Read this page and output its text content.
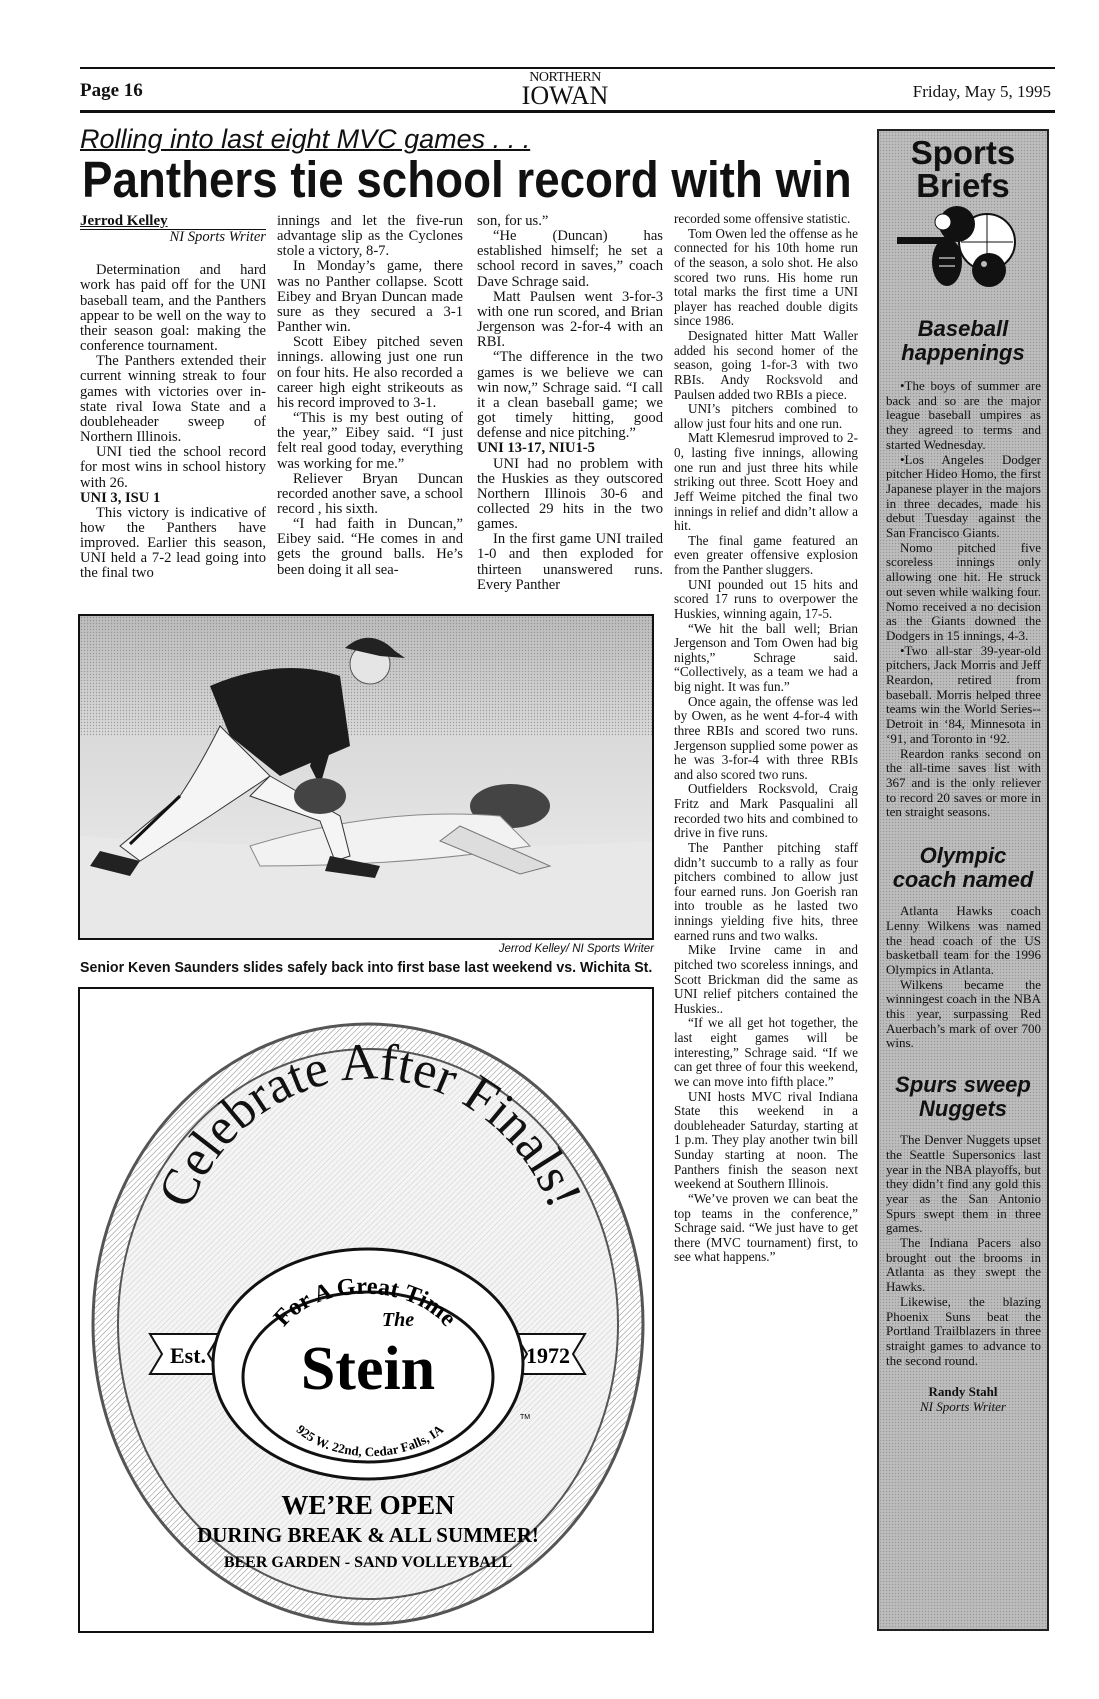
Page 16
NORTHERN
IOWAN	Friday, May 5, 1995
Rolling into last eight MVC games . . .
Panthers tie school record with win
Jerrod Kelley
NI Sports Writer

Determination and hard work has paid off for the UNI baseball team, and the Panthers appear to be well on the way to their season goal: making the conference tournament.

The Panthers extended their current winning streak to four games with victories over in-state rival Iowa State and a doubleheader sweep of Northern Illinois.

UNI tied the school record for most wins in school history with 26.

UNI 3, ISU 1

This victory is indicative of how the Panthers have improved. Earlier this season, UNI held a 7-2 lead going into the final two

innings and let the five-run advantage slip as the Cyclones stole a victory, 8-7.

In Monday’s game, there was no Panther collapse. Scott Eibey and Bryan Duncan made sure as they secured a 3-1 Panther win.

Scott Eibey pitched seven innings. allowing just one run on four hits. He also recorded a career high eight strikeouts as his record improved to 3-1.

“This is my best outing of the year,” Eibey said. “I just felt real good today, everything was working for me.”

Reliever Bryan Duncan recorded another save, a school record , his sixth.

“I had faith in Duncan,” Eibey said. “He comes in and gets the ground balls. He’s been doing it all sea-

son, for us.”

“He (Duncan) has established himself; he set a school record in saves,” coach Dave Schrage said.

Matt Paulsen went 3-for-3 with one run scored, and Brian Jergenson was 2-for-4 with an RBI.

“The difference in the two games is we believe we can win now,” Schrage said. “I call it a clean baseball game; we got timely hitting, good defense and nice pitching.”

UNI 13-17, NIU1-5

UNI had no problem with the Huskies as they outscored Northern Illinois 30-6 and collected 29 hits in the two games.

In the first game UNI trailed 1-0 and then exploded for thirteen unanswered runs. Every Panther

recorded some offensive statistic.

Tom Owen led the offense as he connected for his 10th home run of the season, a solo shot. He also scored two runs. His home run total marks the first time a UNI player has reached double digits since 1986.

Designated hitter Matt Waller added his second homer of the season, going 1-for-3 with two RBIs. Andy Rocksvold and Paulsen added two RBIs a piece.

UNI’s pitchers combined to allow just four hits and one run.

Matt Klemesrud improved to 2-0, lasting five innings, allowing one run and just three hits while striking out three. Scott Hoey and Jeff Weime pitched the final two innings in relief and didn’t allow a hit.

The final game featured an even greater offensive explosion from the Panther sluggers.

UNI pounded out 15 hits and scored 17 runs to overpower the Huskies, winning again, 17-5.

“We hit the ball well; Brian Jergenson and Tom Owen had big nights,” Schrage said. “Collectively, as a team we had a big night. It was fun.”

Once again, the offense was led by Owen, as he went 4-for-4 with three RBIs and scored two runs. Jergenson supplied some power as he was 3-for-4 with three RBIs and also scored two runs.

Outfielders Rocksvold, Craig Fritz and Mark Pasqualini all recorded two hits and combined to drive in five runs.

The Panther pitching staff didn’t succumb to a rally as four pitchers combined to allow just four earned runs. Jon Goerish ran into trouble as he lasted two innings yielding five hits, three earned runs and two walks.

Mike Irvine came in and pitched two scoreless innings, and Scott Brickman did the same as UNI relief pitchers contained the Huskies..

“If we all get hot together, the last eight games will be interesting,” Schrage said. “If we can get three of four this weekend, we can move into fifth place.”

UNI hosts MVC rival Indiana State this weekend in a doubleheader Saturday, starting at 1 p.m. They play another twin bill Sunday starting at noon. The Panthers finish the season next weekend at Southern Illinois.

“We’ve proven we can beat the top teams in the conference,” Schrage said. “We just have to get there (MVC tournament) first, to see what happens.”

Jerrod Kelley/ NI Sports Writer
Senior Keven Saunders slides safely back into first base last weekend vs. Wichita St.
Celebrate After Finals!
Est.	1972
For A Great Time
The
Stein
925 W. 22nd, Cedar Falls, IA
TM
WE’RE OPEN
DURING BREAK & ALL SUMMER!
BEER GARDEN - SAND VOLLEYBALL
Sports
Briefs
Baseball
happenings

•The boys of summer are back and so are the major league baseball umpires as they agreed to terms and started Wednesday.

•Los Angeles Dodger pitcher Hideo Homo, the first Japanese player in the majors in three decades, made his debut Tuesday against the San Francisco Giants.

Nomo pitched five scoreless innings only allowing one hit. He struck out seven while walking four. Nomo received a no decision as the Giants downed the Dodgers in 15 innings, 4-3.

•Two all-star 39-year-old pitchers, Jack Morris and Jeff Reardon, retired from baseball. Morris helped three teams win the World Series--Detroit in ‘84, Minnesota in ‘91, and Toronto in ‘92.

Reardon ranks second on the all-time saves list with 367 and is the only reliever to record 20 saves or more in ten straight seasons.

Olympic
coach named

Atlanta Hawks coach Lenny Wilkens was named the head coach of the US basketball team for the 1996 Olympics in Atlanta.

Wilkens became the winningest coach in the NBA this year, surpassing Red Auerbach’s mark of over 700 wins.

Spurs sweep
Nuggets

The Denver Nuggets upset the Seattle Supersonics last year in the NBA playoffs, but they didn’t find any gold this year as the San Antonio Spurs swept them in three games.

The Indiana Pacers also brought out the brooms in Atlanta as they swept the Hawks.

Likewise, the blazing Phoenix Suns beat the Portland Trailblazers in three straight games to advance to the second round.

Randy Stahl
NI Sports Writer
